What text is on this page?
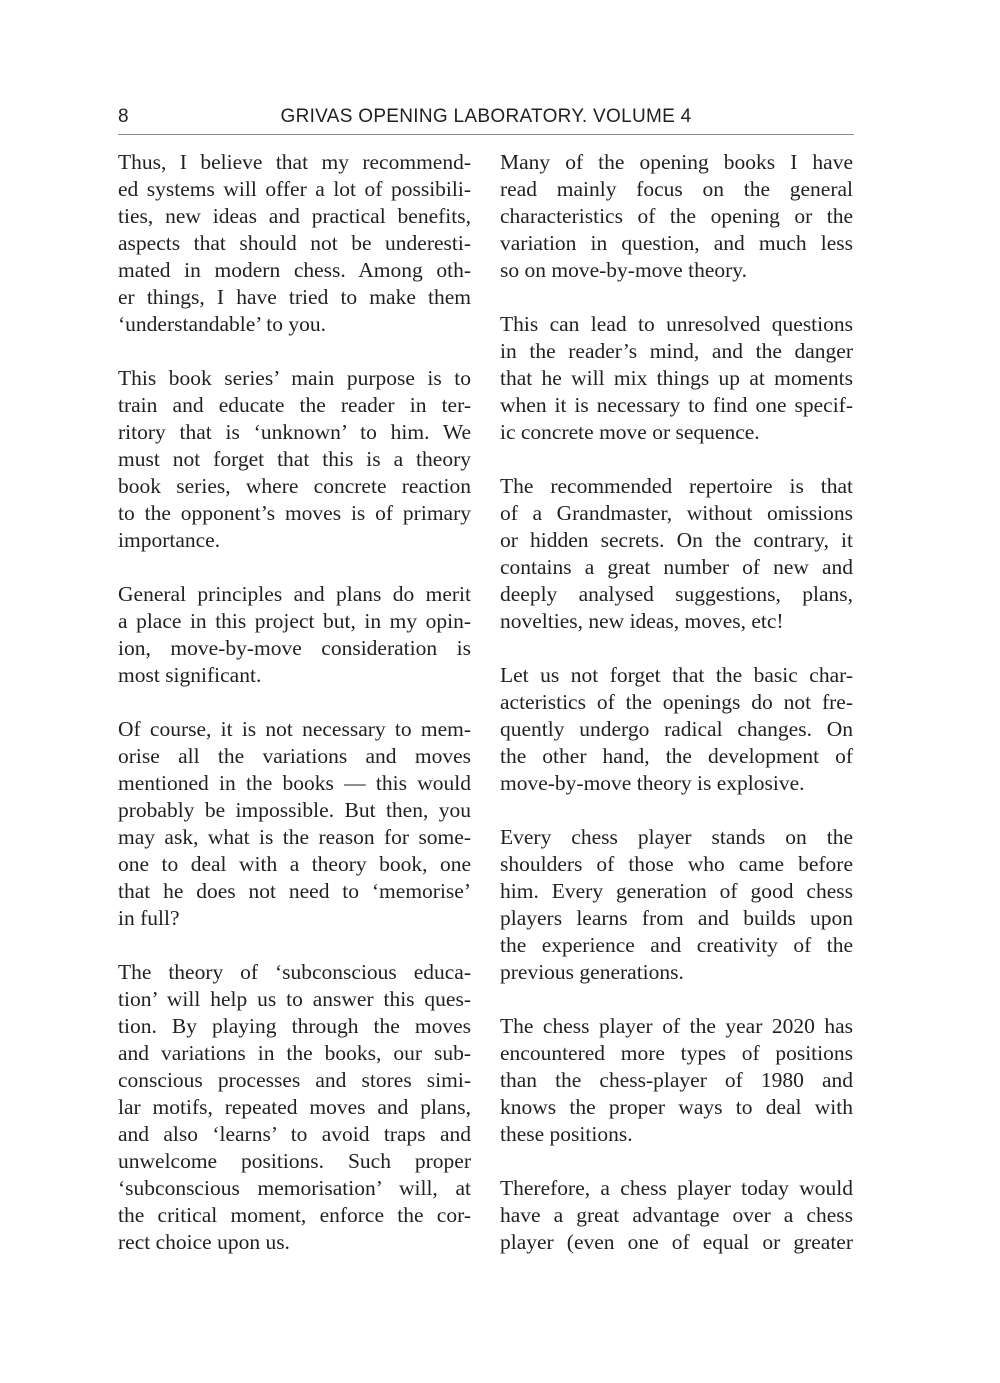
8	GRIVAS OPENING LABORATORY. VOLUME 4

Thus, I believe that my recommend-
ed systems will offer a lot of possibili-
ties, new ideas and practical benefits,
aspects that should not be underesti-
mated in modern chess. Among oth-
er things, I have tried to make them
‘understandable’ to you.

This book series’ main purpose is to
train and educate the reader in ter-
ritory that is ‘unknown’ to him. We
must not forget that this is a theory
book series, where concrete reaction
to the opponent’s moves is of primary
importance.

General principles and plans do merit
a place in this project but, in my opin-
ion, move-by-move consideration is
most significant.

Of course, it is not necessary to mem-
orise all the variations and moves
mentioned in the books — this would
probably be impossible. But then, you
may ask, what is the reason for some-
one to deal with a theory book, one
that he does not need to ‘memorise’
in full?

The theory of ‘subconscious educa-
tion’ will help us to answer this ques-
tion. By playing through the moves
and variations in the books, our sub-
conscious processes and stores simi-
lar motifs, repeated moves and plans,
and also ‘learns’ to avoid traps and
unwelcome positions. Such proper
‘subconscious memorisation’ will, at
the critical moment, enforce the cor-
rect choice upon us.

Many of the opening books I have
read mainly focus on the general
characteristics of the opening or the
variation in question, and much less
so on move-by-move theory.

This can lead to unresolved questions
in the reader’s mind, and the danger
that he will mix things up at moments
when it is necessary to find one specif-
ic concrete move or sequence.

The recommended repertoire is that
of a Grandmaster, without omissions
or hidden secrets. On the contrary, it
contains a great number of new and
deeply analysed suggestions, plans,
novelties, new ideas, moves, etc!

Let us not forget that the basic char-
acteristics of the openings do not fre-
quently undergo radical changes. On
the other hand, the development of
move-by-move theory is explosive.

Every chess player stands on the
shoulders of those who came before
him. Every generation of good chess
players learns from and builds upon
the experience and creativity of the
previous generations.

The chess player of the year 2020 has
encountered more types of positions
than the chess-player of 1980 and
knows the proper ways to deal with
these positions.

Therefore, a chess player today would
have a great advantage over a chess
player (even one of equal or greater
